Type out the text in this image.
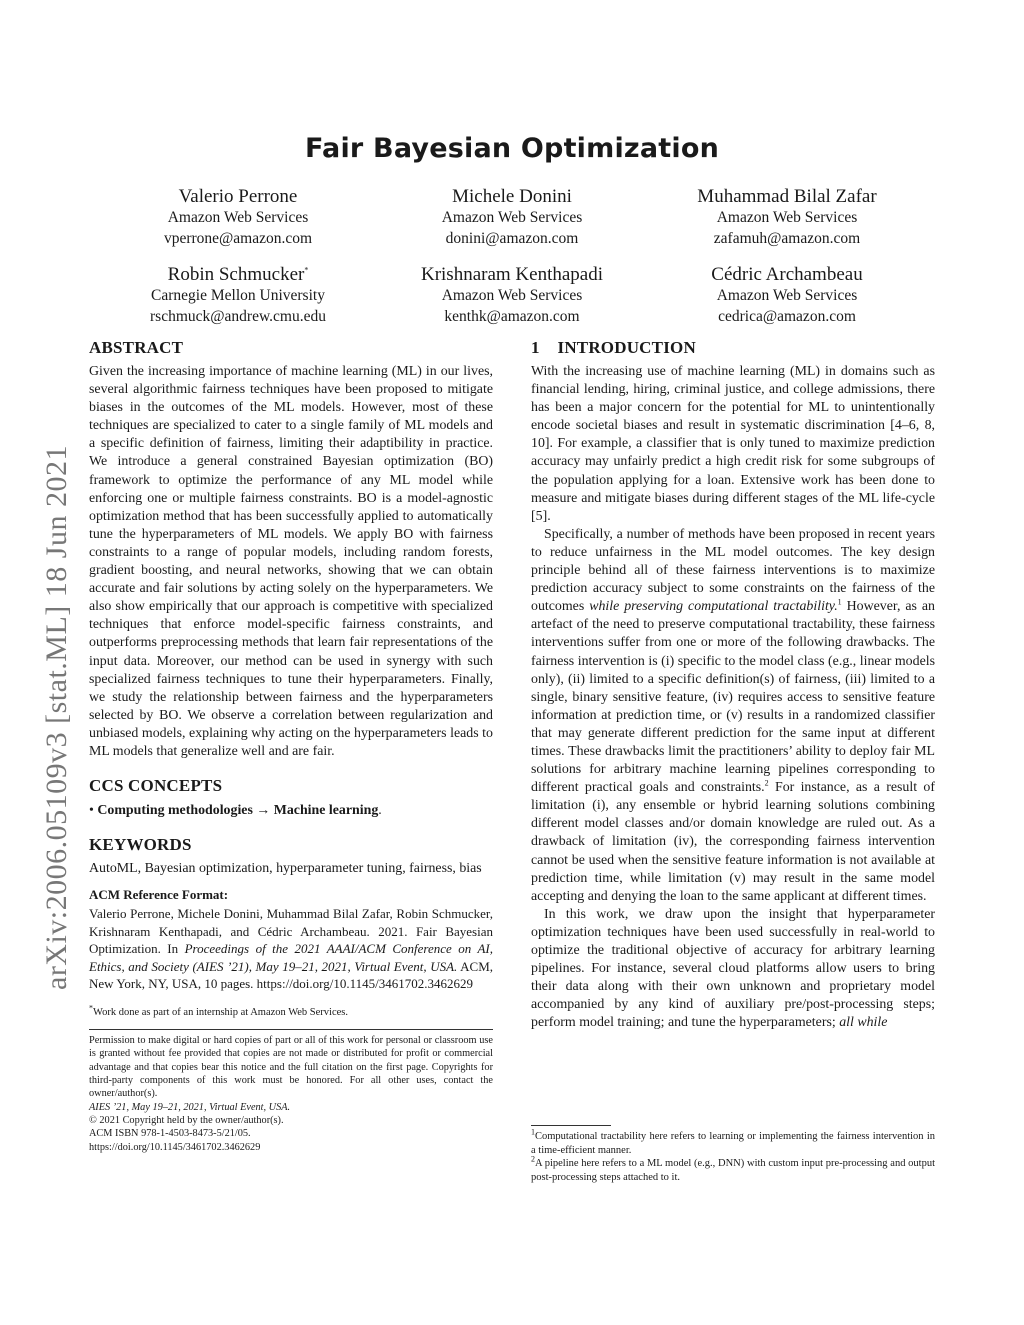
arXiv:2006.05109v3 [stat.ML] 18 Jun 2021
Fair Bayesian Optimization
Valerio Perrone
Amazon Web Services
vperrone@amazon.com
Michele Donini
Amazon Web Services
donini@amazon.com
Muhammad Bilal Zafar
Amazon Web Services
zafamuh@amazon.com
Robin Schmucker*
Carnegie Mellon University
rschmuck@andrew.cmu.edu
Krishnaram Kenthapadi
Amazon Web Services
kenthk@amazon.com
Cédric Archambeau
Amazon Web Services
cedrica@amazon.com
ABSTRACT

Given the increasing importance of machine learning (ML) in our lives, several algorithmic fairness techniques have been proposed to mitigate biases in the outcomes of the ML models. However, most of these techniques are specialized to cater to a single family of ML models and a specific definition of fairness, limiting their adaptibility in practice. We introduce a general constrained Bayesian optimization (BO) framework to optimize the performance of any ML model while enforcing one or multiple fairness constraints. BO is a model-agnostic optimization method that has been successfully applied to automatically tune the hyperparameters of ML models. We apply BO with fairness constraints to a range of popular models, including random forests, gradient boosting, and neural networks, showing that we can obtain accurate and fair solutions by acting solely on the hyperparameters. We also show empirically that our approach is competitive with specialized techniques that enforce model-specific fairness constraints, and outperforms preprocessing methods that learn fair representations of the input data. Moreover, our method can be used in synergy with such specialized fairness techniques to tune their hyperparameters. Finally, we study the relationship between fairness and the hyperparameters selected by BO. We observe a correlation between regularization and unbiased models, explaining why acting on the hyperparameters leads to ML models that generalize well and are fair.

CCS CONCEPTS
• Computing methodologies → Machine learning.
KEYWORDS

AutoML, Bayesian optimization, hyperparameter tuning, fairness, bias

ACM Reference Format:
Valerio Perrone, Michele Donini, Muhammad Bilal Zafar, Robin Schmucker, Krishnaram Kenthapadi, and Cédric Archambeau. 2021. Fair Bayesian Optimization. In Proceedings of the 2021 AAAI/ACM Conference on AI, Ethics, and Society (AIES ’21), May 19–21, 2021, Virtual Event, USA. ACM, New York, NY, USA, 10 pages. https://doi.org/10.1145/3461702.3462629

*Work done as part of an internship at Amazon Web Services.

Permission to make digital or hard copies of part or all of this work for personal or classroom use is granted without fee provided that copies are not made or distributed for profit or commercial advantage and that copies bear this notice and the full citation on the first page. Copyrights for third-party components of this work must be honored. For all other uses, contact the owner/author(s).

AIES ’21, May 19–21, 2021, Virtual Event, USA.

© 2021 Copyright held by the owner/author(s).

ACM ISBN 978-1-4503-8473-5/21/05.

https://doi.org/10.1145/3461702.3462629

1    INTRODUCTION

With the increasing use of machine learning (ML) in domains such as financial lending, hiring, criminal justice, and college admissions, there has been a major concern for the potential for ML to unintentionally encode societal biases and result in systematic discrimination [4–6, 8, 10]. For example, a classifier that is only tuned to maximize prediction accuracy may unfairly predict a high credit risk for some subgroups of the population applying for a loan. Extensive work has been done to measure and mitigate biases during different stages of the ML life-cycle [5].

Specifically, a number of methods have been proposed in recent years to reduce unfairness in the ML model outcomes. The key design principle behind all of these fairness interventions is to maximize prediction accuracy subject to some constraints on the fairness of the outcomes while preserving computational tractability.$^1$ However, as an artefact of the need to preserve computational tractability, these fairness interventions suffer from one or more of the following drawbacks. The fairness intervention is (i) specific to the model class (e.g., linear models only), (ii) limited to a specific definition(s) of fairness, (iii) limited to a single, binary sensitive feature, (iv) requires access to sensitive feature information at prediction time, or (v) results in a randomized classifier that may generate different prediction for the same input at different times. These drawbacks limit the practitioners’ ability to deploy fair ML solutions for arbitrary machine learning pipelines corresponding to different practical goals and constraints.$^2$ For instance, as a result of limitation (i), any ensemble or hybrid learning solutions combining different model classes and/or domain knowledge are ruled out. As a drawback of limitation (iv), the corresponding fairness intervention cannot be used when the sensitive feature information is not available at prediction time, while limitation (v) may result in the same model accepting and denying the loan to the same applicant at different times.

In this work, we draw upon the insight that hyperparameter optimization techniques have been used successfully in real-world to optimize the traditional objective of accuracy for arbitrary learning pipelines. For instance, several cloud platforms allow users to bring their data along with their own unknown and proprietary model accompanied by any kind of auxiliary pre/post-processing steps; perform model training; and tune the hyperparameters; all while

$^1$Computational tractability here refers to learning or implementing the fairness intervention in a time-efficient manner.

$^2$A pipeline here refers to a ML model (e.g., DNN) with custom input pre-processing and output post-processing steps attached to it.
